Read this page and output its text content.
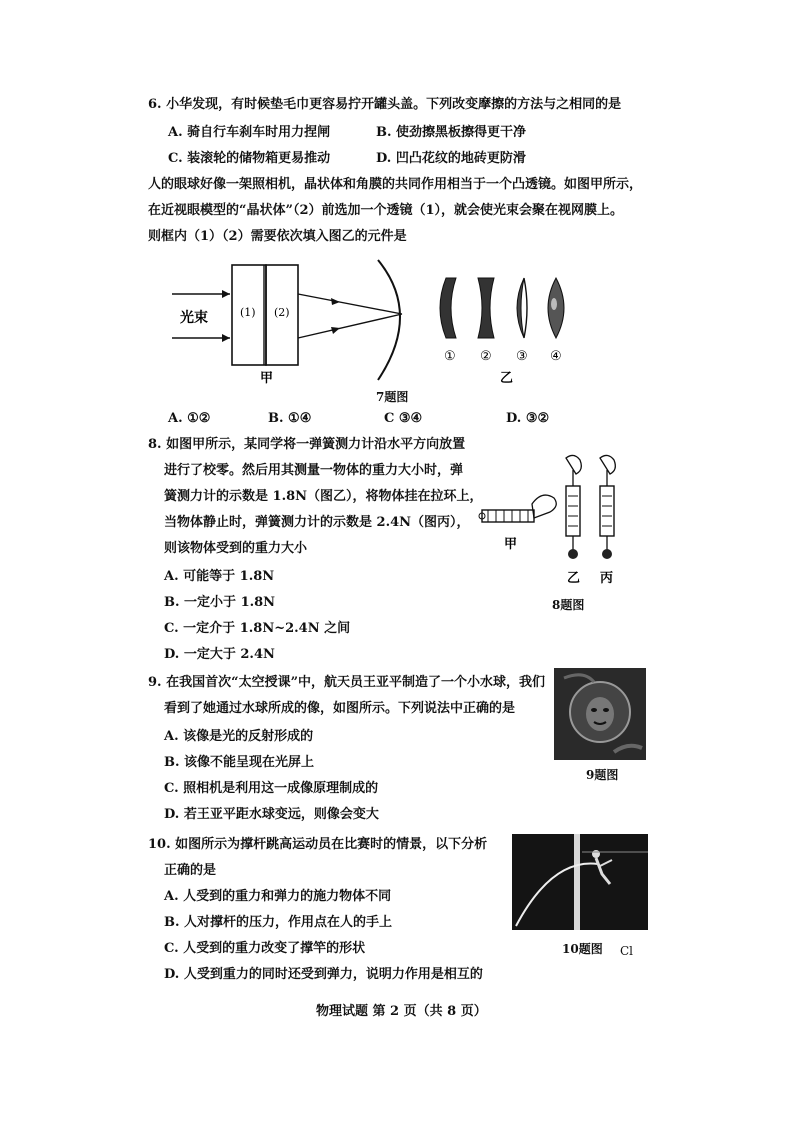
6. 小华发现，有时候垫毛巾更容易拧开罐头盖。下列改变摩擦的方法与之相同的是
A. 骑自行车刹车时用力捏闸	B. 使劲擦黑板擦得更干净
C. 装滚轮的储物箱更易推动	D. 凹凸花纹的地砖更防滑
人的眼球好像一架照相机，晶状体和角膜的共同作用相当于一个凸透镜。如图甲所示，
在近视眼模型的“晶状体”（2）前选加一个透镜（1），就会使光束会聚在视网膜上。
则框内（1）（2）需要依次填入图乙的元件是
光束	(1) (2)
甲
① ② ③ ④
乙
7题图
A. ①②	B. ①④	C ③④	D. ③②
8. 如图甲所示，某同学将一弹簧测力计沿水平方向放置
进行了校零。然后用其测量一物体的重力大小时，弹
簧测力计的示数是 1.8N（图乙），将物体挂在拉环上，
当物体静止时，弹簧测力计的示数是 2.4N（图丙），
则该物体受到的重力大小
A. 可能等于 1.8N
B. 一定小于 1.8N
C. 一定介于 1.8N~2.4N 之间
D. 一定大于 2.4N
甲
乙 丙
8题图
9. 在我国首次“太空授课”中，航天员王亚平制造了一个小水球，我们
看到了她通过水球所成的像，如图所示。下列说法中正确的是
A. 该像是光的反射形成的
B. 该像不能呈现在光屏上
C. 照相机是利用这一成像原理制成的
D. 若王亚平距水球变远，则像会变大
9题图
10. 如图所示为撑杆跳高运动员在比赛时的情景，以下分析
正确的是
A. 人受到的重力和弹力的施力物体不同
B. 人对撑杆的压力，作用点在人的手上
C. 人受到的重力改变了撑竿的形状
D. 人受到重力的同时还受到弹力，说明力作用是相互的
10题图 Cl
物理试题 第 2 页（共 8 页）
